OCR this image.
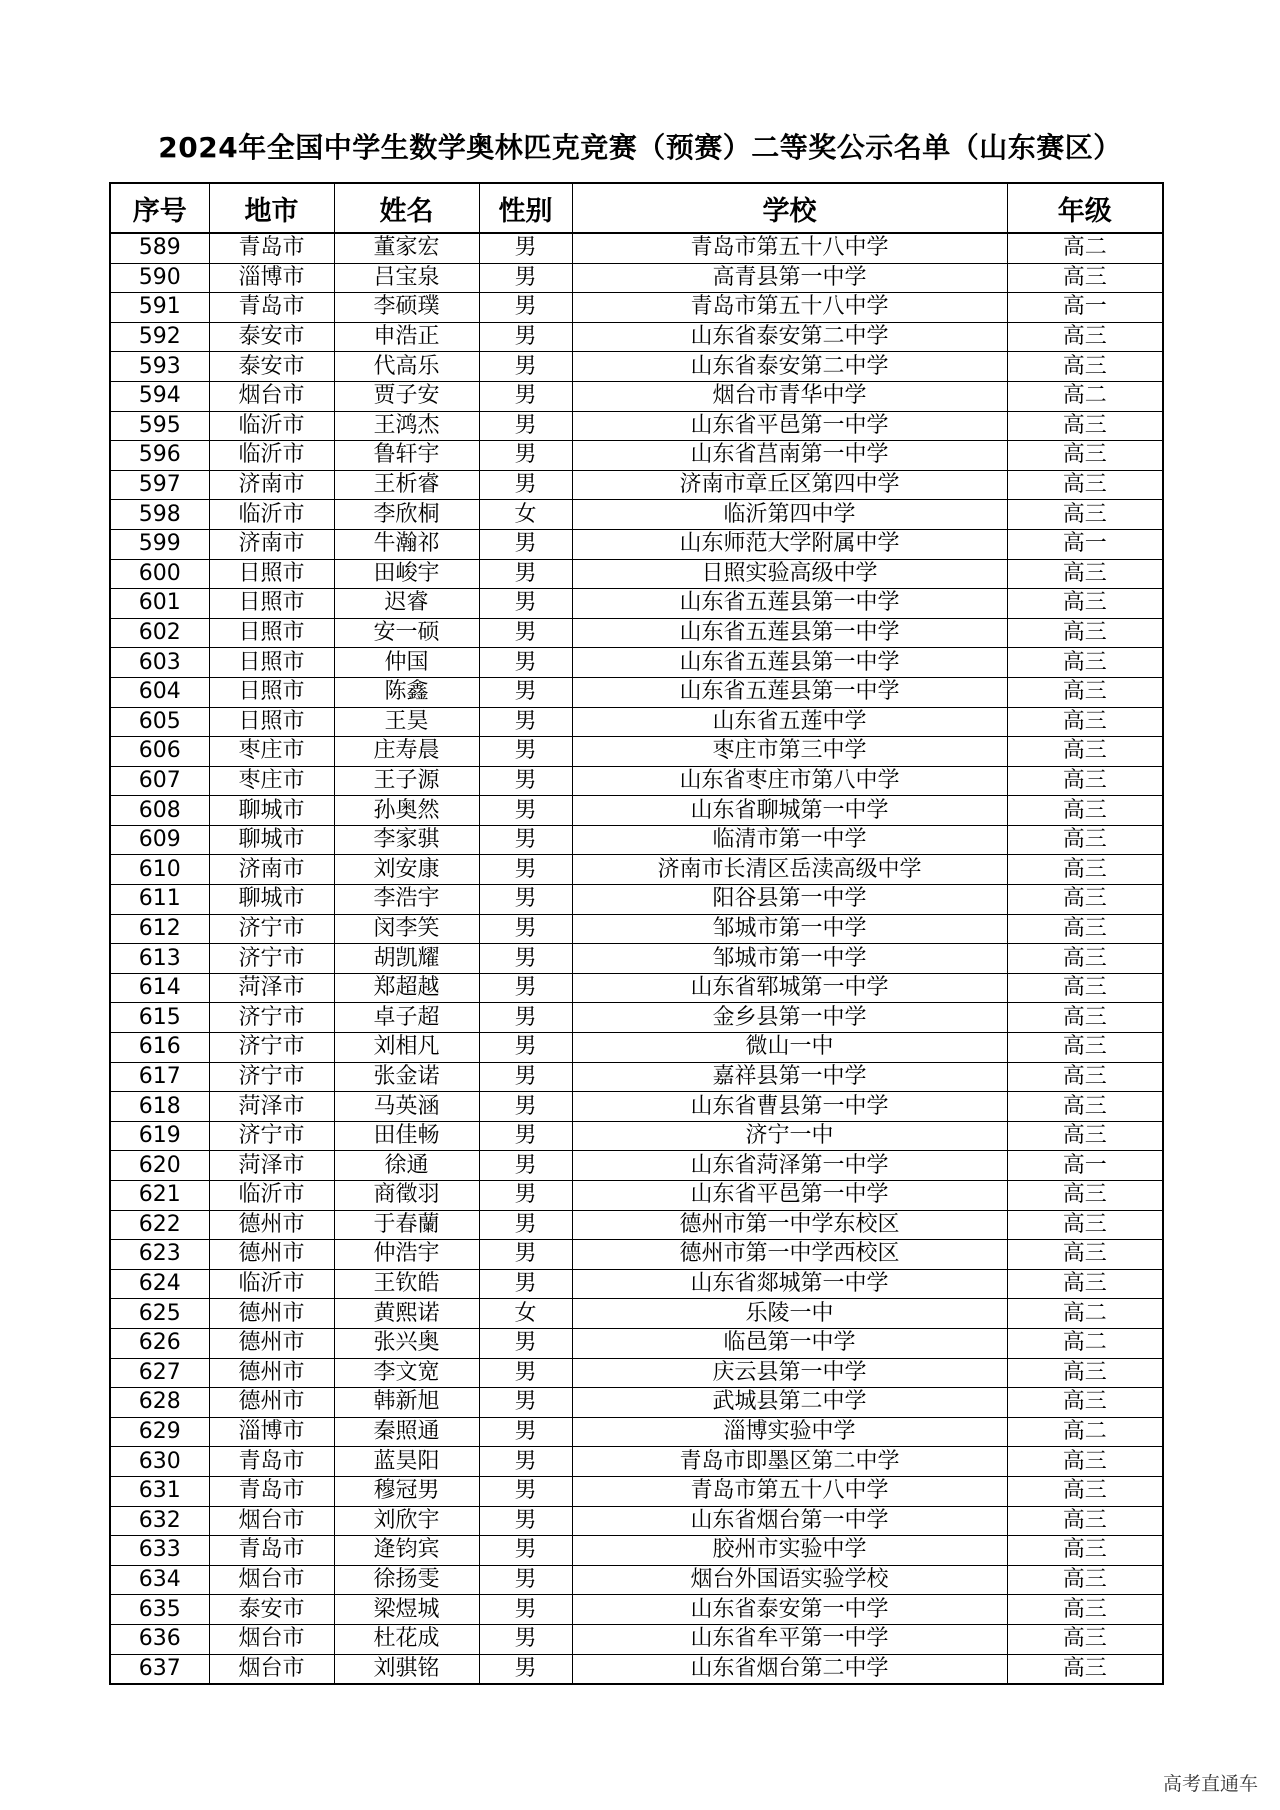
2024年全国中学生数学奥林匹克竞赛（预赛）二等奖公示名单（山东赛区）
序号	地市	姓名	性别	学校	年级
589	青岛市	董家宏	男	青岛市第五十八中学	高二
590	淄博市	吕宝泉	男	高青县第一中学	高三
591	青岛市	李硕璞	男	青岛市第五十八中学	高一
592	泰安市	申浩正	男	山东省泰安第二中学	高三
593	泰安市	代高乐	男	山东省泰安第二中学	高三
594	烟台市	贾子安	男	烟台市青华中学	高二
595	临沂市	王鸿杰	男	山东省平邑第一中学	高三
596	临沂市	鲁轩宇	男	山东省莒南第一中学	高三
597	济南市	王析睿	男	济南市章丘区第四中学	高三
598	临沂市	李欣桐	女	临沂第四中学	高三
599	济南市	牛瀚祁	男	山东师范大学附属中学	高一
600	日照市	田峻宇	男	日照实验高级中学	高三
601	日照市	迟睿	男	山东省五莲县第一中学	高三
602	日照市	安一硕	男	山东省五莲县第一中学	高三
603	日照市	仲国	男	山东省五莲县第一中学	高三
604	日照市	陈鑫	男	山东省五莲县第一中学	高三
605	日照市	王昊	男	山东省五莲中学	高三
606	枣庄市	庄寿晨	男	枣庄市第三中学	高三
607	枣庄市	王子源	男	山东省枣庄市第八中学	高三
608	聊城市	孙奥然	男	山东省聊城第一中学	高三
609	聊城市	李家骐	男	临清市第一中学	高三
610	济南市	刘安康	男	济南市长清区岳渎高级中学	高三
611	聊城市	李浩宇	男	阳谷县第一中学	高三
612	济宁市	闵李笑	男	邹城市第一中学	高三
613	济宁市	胡凯耀	男	邹城市第一中学	高三
614	菏泽市	郑超越	男	山东省郓城第一中学	高三
615	济宁市	卓子超	男	金乡县第一中学	高三
616	济宁市	刘相凡	男	微山一中	高三
617	济宁市	张金诺	男	嘉祥县第一中学	高三
618	菏泽市	马英涵	男	山东省曹县第一中学	高三
619	济宁市	田佳畅	男	济宁一中	高三
620	菏泽市	徐通	男	山东省菏泽第一中学	高一
621	临沂市	商徵羽	男	山东省平邑第一中学	高三
622	德州市	于春蘭	男	德州市第一中学东校区	高三
623	德州市	仲浩宇	男	德州市第一中学西校区	高三
624	临沂市	王钦皓	男	山东省郯城第一中学	高三
625	德州市	黄熙诺	女	乐陵一中	高二
626	德州市	张兴奥	男	临邑第一中学	高二
627	德州市	李文宽	男	庆云县第一中学	高三
628	德州市	韩新旭	男	武城县第二中学	高三
629	淄博市	秦照通	男	淄博实验中学	高二
630	青岛市	蓝昊阳	男	青岛市即墨区第二中学	高三
631	青岛市	穆冠男	男	青岛市第五十八中学	高三
632	烟台市	刘欣宇	男	山东省烟台第一中学	高三
633	青岛市	逄钧宾	男	胶州市实验中学	高三
634	烟台市	徐扬雯	男	烟台外国语实验学校	高三
635	泰安市	梁煜城	男	山东省泰安第一中学	高三
636	烟台市	杜花成	男	山东省牟平第一中学	高三
637	烟台市	刘骐铭	男	山东省烟台第二中学	高三
高考直通车
